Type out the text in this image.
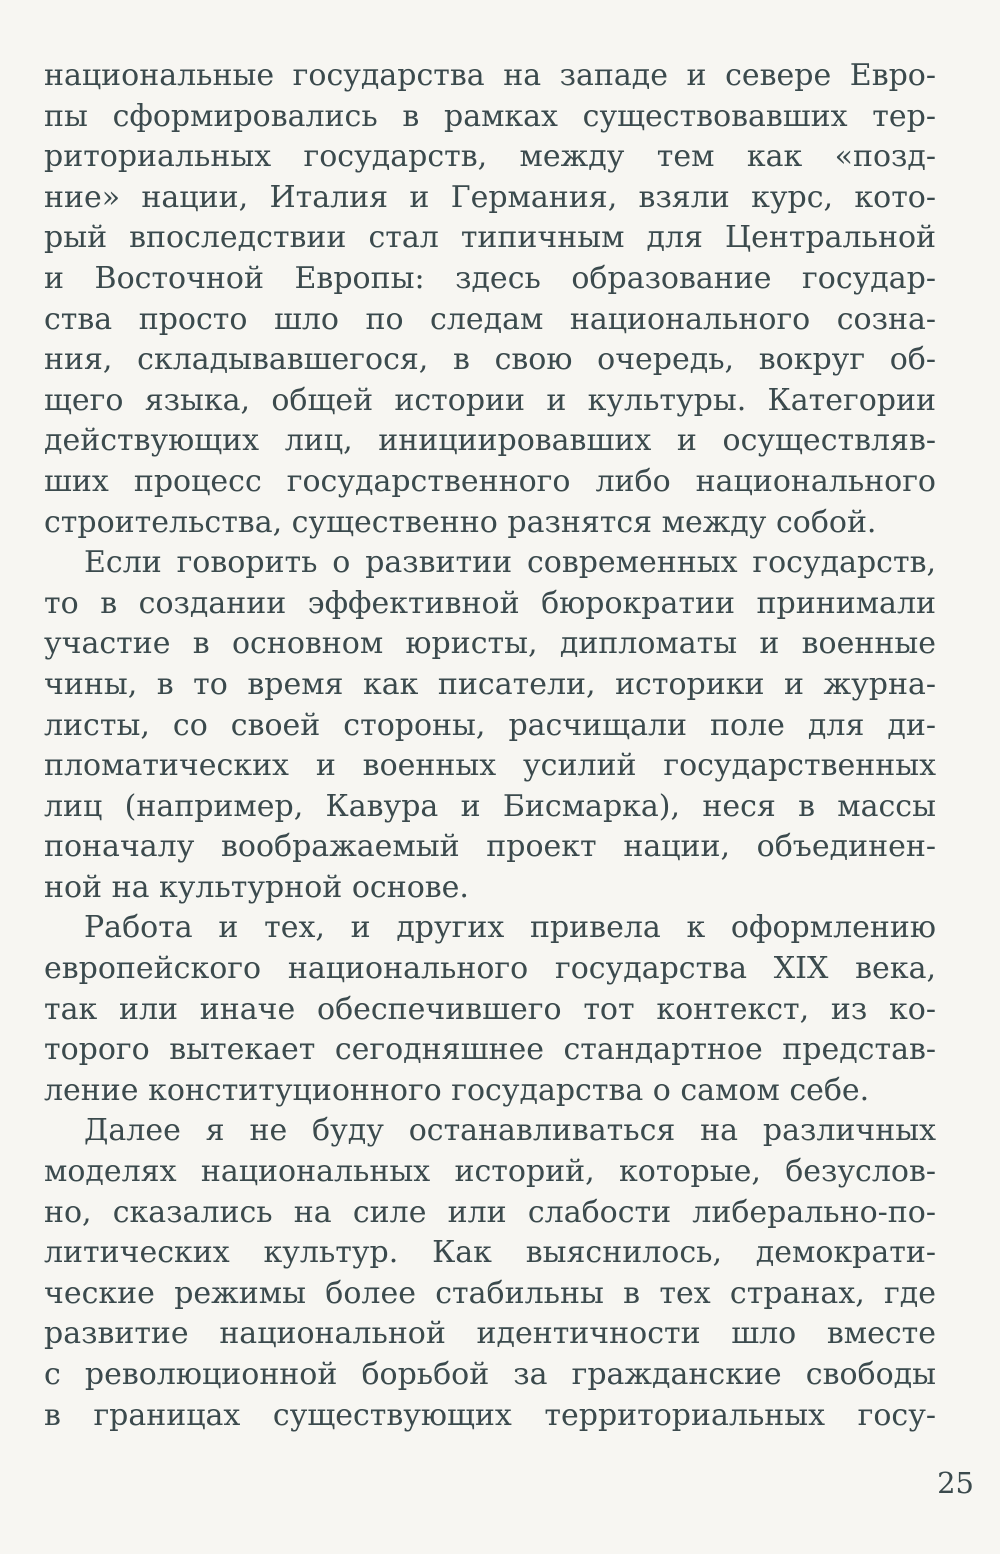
национальные государства на западе и севере Евро-
пы сформировались в рамках существовавших тер-
риториальных государств, между тем как «позд-
ние» нации, Италия и Германия, взяли курс, кото-
рый впоследствии стал типичным для Центральной
и Восточной Европы: здесь образование государ-
ства просто шло по следам национального созна-
ния, складывавшегося, в свою очередь, вокруг об-
щего языка, общей истории и культуры. Категории
действующих лиц, инициировавших и осуществляв-
ших процесс государственного либо национального
строительства, существенно разнятся между собой.
Если говорить о развитии современных государств,
то в создании эффективной бюрократии принимали
участие в основном юристы, дипломаты и военные
чины, в то время как писатели, историки и журна-
листы, со своей стороны, расчищали поле для ди-
пломатических и военных усилий государственных
лиц (например, Кавура и Бисмарка), неся в массы
поначалу воображаемый проект нации, объединен-
ной на культурной основе.
Работа и тех, и других привела к оформлению
европейского национального государства XIX века,
так или иначе обеспечившего тот контекст, из ко-
торого вытекает сегодняшнее стандартное представ-
ление конституционного государства о самом себе.
Далее я не буду останавливаться на различных
моделях национальных историй, которые, безуслов-
но, сказались на силе или слабости либерально-по-
литических культур. Как выяснилось, демократи-
ческие режимы более стабильны в тех странах, где
развитие национальной идентичности шло вместе
с революционной борьбой за гражданские свободы
в границах существующих территориальных госу-
25
